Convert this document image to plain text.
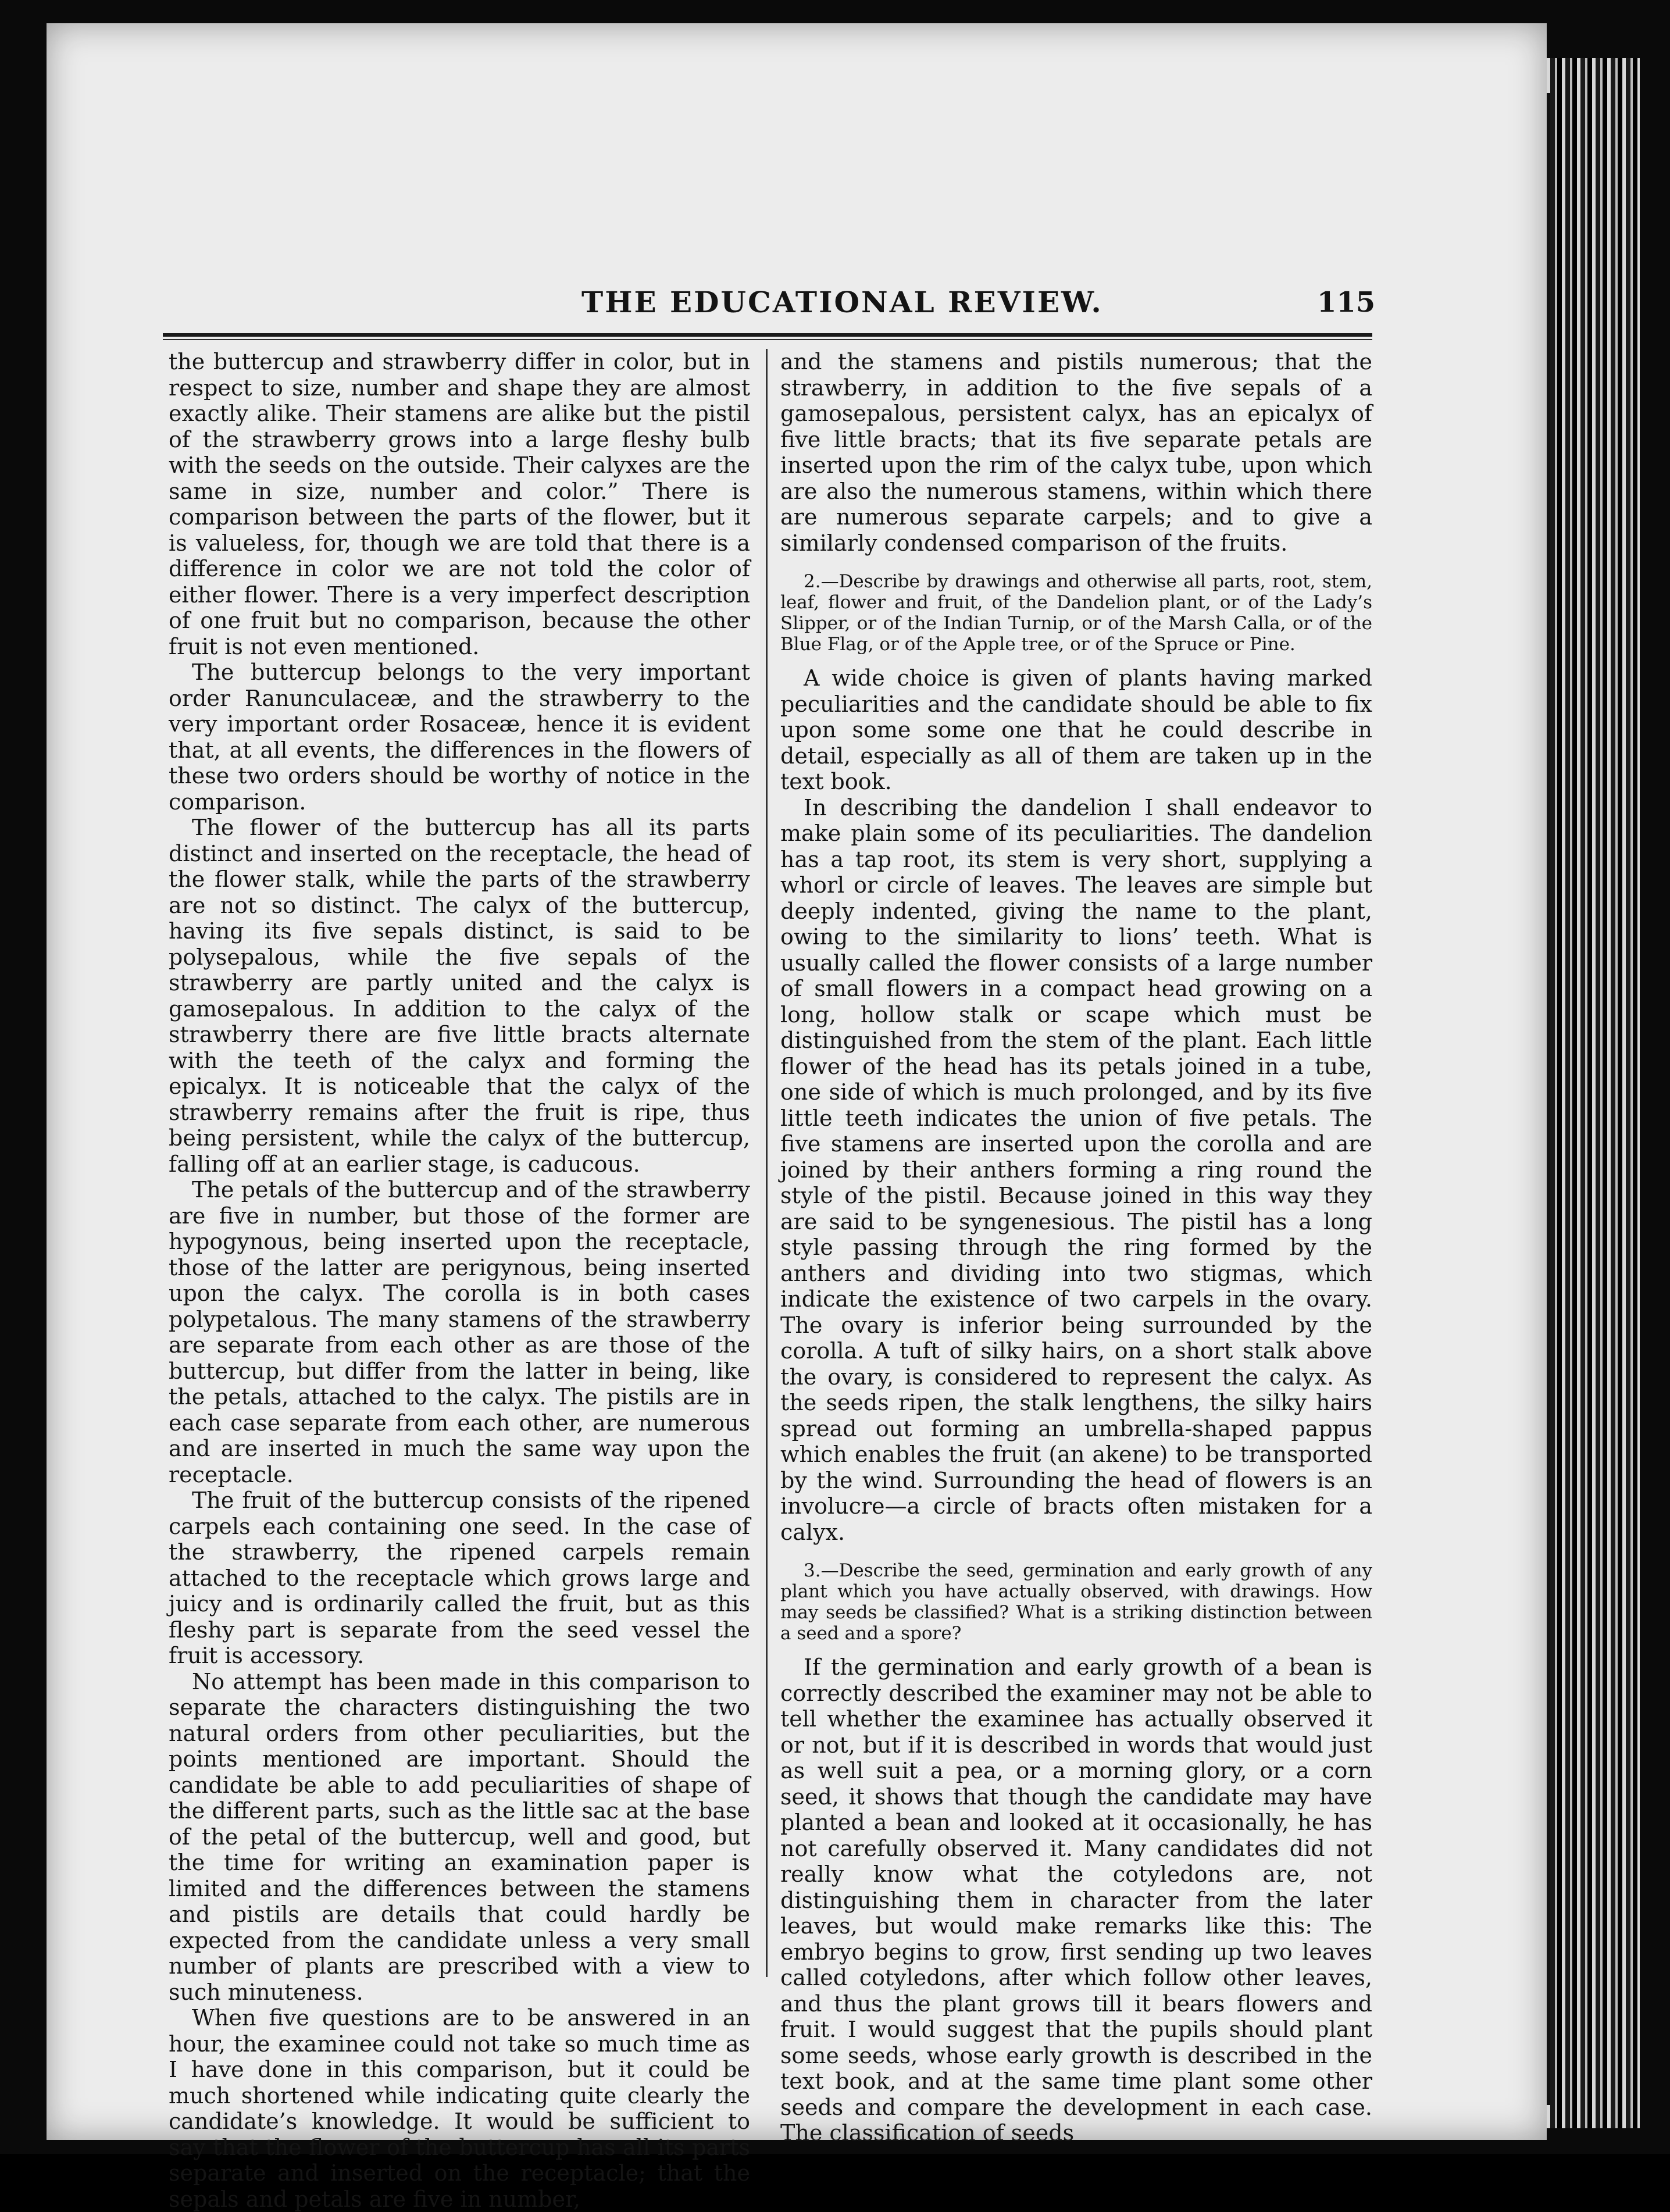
THE EDUCATIONAL REVIEW.	115

the buttercup and strawberry differ in color, but in respect to size, number and shape they are almost exactly alike. Their stamens are alike but the pistil of the strawberry grows into a large fleshy bulb with the seeds on the outside. Their calyxes are the same in size, number and color.” There is comparison between the parts of the flower, but it is valueless, for, though we are told that there is a difference in color we are not told the color of either flower. There is a very imperfect description of one fruit but no comparison, because the other fruit is not even mentioned.

The buttercup belongs to the very important order Ranunculaceæ, and the strawberry to the very important order Rosaceæ, hence it is evident that, at all events, the differences in the flowers of these two orders should be worthy of notice in the comparison.

The flower of the buttercup has all its parts distinct and inserted on the receptacle, the head of the flower stalk, while the parts of the strawberry are not so distinct. The calyx of the buttercup, having its five sepals distinct, is said to be polysepalous, while the five sepals of the strawberry are partly united and the calyx is gamosepalous. In addition to the calyx of the strawberry there are five little bracts alternate with the teeth of the calyx and forming the epicalyx. It is noticeable that the calyx of the strawberry remains after the fruit is ripe, thus being persistent, while the calyx of the buttercup, falling off at an earlier stage, is caducous.

The petals of the buttercup and of the strawberry are five in number, but those of the former are hypogynous, being inserted upon the receptacle, those of the latter are perigynous, being inserted upon the calyx. The corolla is in both cases polypetalous. The many stamens of the strawberry are separate from each other as are those of the buttercup, but differ from the latter in being, like the petals, attached to the calyx. The pistils are in each case separate from each other, are numerous and are inserted in much the same way upon the receptacle.

The fruit of the buttercup consists of the ripened carpels each containing one seed. In the case of the strawberry, the ripened carpels remain attached to the receptacle which grows large and juicy and is ordinarily called the fruit, but as this fleshy part is separate from the seed vessel the fruit is accessory.

No attempt has been made in this comparison to separate the characters distinguishing the two natural orders from other peculiarities, but the points mentioned are important. Should the candidate be able to add peculiarities of shape of the different parts, such as the little sac at the base of the petal of the buttercup, well and good, but the time for writing an examination paper is limited and the differences between the stamens and pistils are details that could hardly be expected from the candidate unless a very small number of plants are prescribed with a view to such minuteness.

When five questions are to be answered in an hour, the examinee could not take so much time as I have done in this comparison, but it could be much shortened while indicating quite clearly the candidate’s knowledge. It would be sufficient to say that the flower of the buttercup has all its parts separate and inserted on the receptacle; that the sepals and petals are five in number,

and the stamens and pistils numerous; that the strawberry, in addition to the five sepals of a gamosepalous, persistent calyx, has an epicalyx of five little bracts; that its five separate petals are inserted upon the rim of the calyx tube, upon which are also the numerous stamens, within which there are numerous separate carpels; and to give a similarly condensed comparison of the fruits.

2.—Describe by drawings and otherwise all parts, root, stem, leaf, flower and fruit, of the Dandelion plant, or of the Lady’s Slipper, or of the Indian Turnip, or of the Marsh Calla, or of the Blue Flag, or of the Apple tree, or of the Spruce or Pine.

A wide choice is given of plants having marked peculiarities and the candidate should be able to fix upon some some one that he could describe in detail, especially as all of them are taken up in the text book.

In describing the dandelion I shall endeavor to make plain some of its peculiarities. The dandelion has a tap root, its stem is very short, supplying a whorl or circle of leaves. The leaves are simple but deeply indented, giving the name to the plant, owing to the similarity to lions’ teeth. What is usually called the flower consists of a large number of small flowers in a compact head growing on a long, hollow stalk or scape which must be distinguished from the stem of the plant. Each little flower of the head has its petals joined in a tube, one side of which is much prolonged, and by its five little teeth indicates the union of five petals. The five stamens are inserted upon the corolla and are joined by their anthers forming a ring round the style of the pistil. Because joined in this way they are said to be syngenesious. The pistil has a long style passing through the ring formed by the anthers and dividing into two stigmas, which indicate the existence of two carpels in the ovary. The ovary is inferior being surrounded by the corolla. A tuft of silky hairs, on a short stalk above the ovary, is considered to represent the calyx. As the seeds ripen, the stalk lengthens, the silky hairs spread out forming an umbrella-shaped pappus which enables the fruit (an akene) to be transported by the wind. Surrounding the head of flowers is an involucre—a circle of bracts often mistaken for a calyx.

3.—Describe the seed, germination and early growth of any plant which you have actually observed, with drawings. How may seeds be classified? What is a striking distinction between a seed and a spore?

If the germination and early growth of a bean is correctly described the examiner may not be able to tell whether the examinee has actually observed it or not, but if it is described in words that would just as well suit a pea, or a morning glory, or a corn seed, it shows that though the candidate may have planted a bean and looked at it occasionally, he has not carefully observed it. Many candidates did not really know what the cotyledons are, not distinguishing them in character from the later leaves, but would make remarks like this: The embryo begins to grow, first sending up two leaves called cotyledons, after which follow other leaves, and thus the plant grows till it bears flowers and fruit. I would suggest that the pupils should plant some seeds, whose early growth is described in the text book, and at the same time plant some other seeds and compare the development in each case. The classification of seeds
